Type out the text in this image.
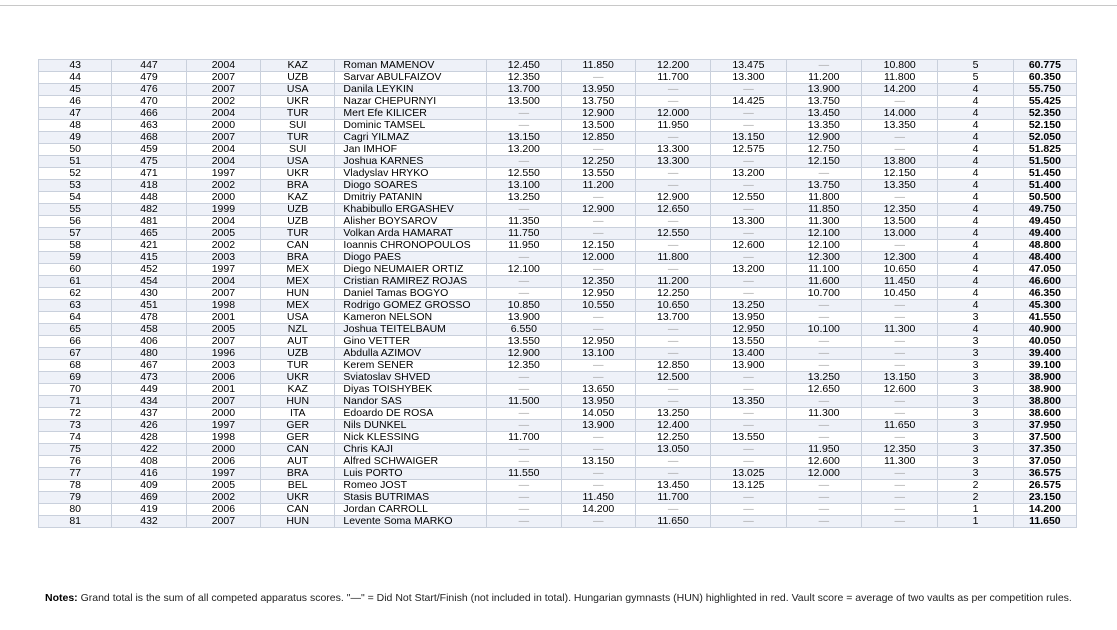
43	447	2004	KAZ	Roman MAMENOV	12.450	11.850	12.200	13.475	—	10.800	5	60.775
44	479	2007	UZB	Sarvar ABULFAIZOV	12.350	—	11.700	13.300	11.200	11.800	5	60.350
45	476	2007	USA	Danila LEYKIN	13.700	13.950	—	—	13.900	14.200	4	55.750
46	470	2002	UKR	Nazar CHEPURNYI	13.500	13.750	—	14.425	13.750	—	4	55.425
47	466	2004	TUR	Mert Efe KILICER	—	12.900	12.000	—	13.450	14.000	4	52.350
48	463	2000	SUI	Dominic TAMSEL	—	13.500	11.950	—	13.350	13.350	4	52.150
49	468	2007	TUR	Cagri YILMAZ	13.150	12.850	—	13.150	12.900	—	4	52.050
50	459	2004	SUI	Jan IMHOF	13.200	—	13.300	12.575	12.750	—	4	51.825
51	475	2004	USA	Joshua KARNES	—	12.250	13.300	—	12.150	13.800	4	51.500
52	471	1997	UKR	Vladyslav HRYKO	12.550	13.550	—	13.200	—	12.150	4	51.450
53	418	2002	BRA	Diogo SOARES	13.100	11.200	—	—	13.750	13.350	4	51.400
54	448	2000	KAZ	Dmitriy PATANIN	13.250	—	12.900	12.550	11.800	—	4	50.500
55	482	1999	UZB	Khabibullo ERGASHEV	—	12.900	12.650	—	11.850	12.350	4	49.750
56	481	2004	UZB	Alisher BOYSAROV	11.350	—	—	13.300	11.300	13.500	4	49.450
57	465	2005	TUR	Volkan Arda HAMARAT	11.750	—	12.550	—	12.100	13.000	4	49.400
58	421	2002	CAN	Ioannis CHRONOPOULOS	11.950	12.150	—	12.600	12.100	—	4	48.800
59	415	2003	BRA	Diogo PAES	—	12.000	11.800	—	12.300	12.300	4	48.400
60	452	1997	MEX	Diego NEUMAIER ORTIZ	12.100	—	—	13.200	11.100	10.650	4	47.050
61	454	2004	MEX	Cristian RAMIREZ ROJAS	—	12.350	11.200	—	11.600	11.450	4	46.600
62	430	2007	HUN	Daniel Tamas BOGYO	—	12.950	12.250	—	10.700	10.450	4	46.350
63	451	1998	MEX	Rodrigo GOMEZ GROSSO	10.850	10.550	10.650	13.250	—	—	4	45.300
64	478	2001	USA	Kameron NELSON	13.900	—	13.700	13.950	—	—	3	41.550
65	458	2005	NZL	Joshua TEITELBAUM	6.550	—	—	12.950	10.100	11.300	4	40.900
66	406	2007	AUT	Gino VETTER	13.550	12.950	—	13.550	—	—	3	40.050
67	480	1996	UZB	Abdulla AZIMOV	12.900	13.100	—	13.400	—	—	3	39.400
68	467	2003	TUR	Kerem SENER	12.350	—	12.850	13.900	—	—	3	39.100
69	473	2006	UKR	Sviatoslav SHVED	—	—	12.500	—	13.250	13.150	3	38.900
70	449	2001	KAZ	Diyas TOISHYBEK	—	13.650	—	—	12.650	12.600	3	38.900
71	434	2007	HUN	Nandor SAS	11.500	13.950	—	13.350	—	—	3	38.800
72	437	2000	ITA	Edoardo DE ROSA	—	14.050	13.250	—	11.300	—	3	38.600
73	426	1997	GER	Nils DUNKEL	—	13.900	12.400	—	—	11.650	3	37.950
74	428	1998	GER	Nick KLESSING	11.700	—	12.250	13.550	—	—	3	37.500
75	422	2000	CAN	Chris KAJI	—	—	13.050	—	11.950	12.350	3	37.350
76	408	2006	AUT	Alfred SCHWAIGER	—	13.150	—	—	12.600	11.300	3	37.050
77	416	1997	BRA	Luis PORTO	11.550	—	—	13.025	12.000	—	3	36.575
78	409	2005	BEL	Romeo JOST	—	—	13.450	13.125	—	—	2	26.575
79	469	2002	UKR	Stasis BUTRIMAS	—	11.450	11.700	—	—	—	2	23.150
80	419	2006	CAN	Jordan CARROLL	—	14.200	—	—	—	—	1	14.200
81	432	2007	HUN	Levente Soma MARKO	—	—	11.650	—	—	—	1	11.650
Notes: Grand total is the sum of all competed apparatus scores. "—" = Did Not Start/Finish (not included in total). Hungarian gymnasts (HUN) highlighted in red. Vault score = average of two vaults as per competition rules.
